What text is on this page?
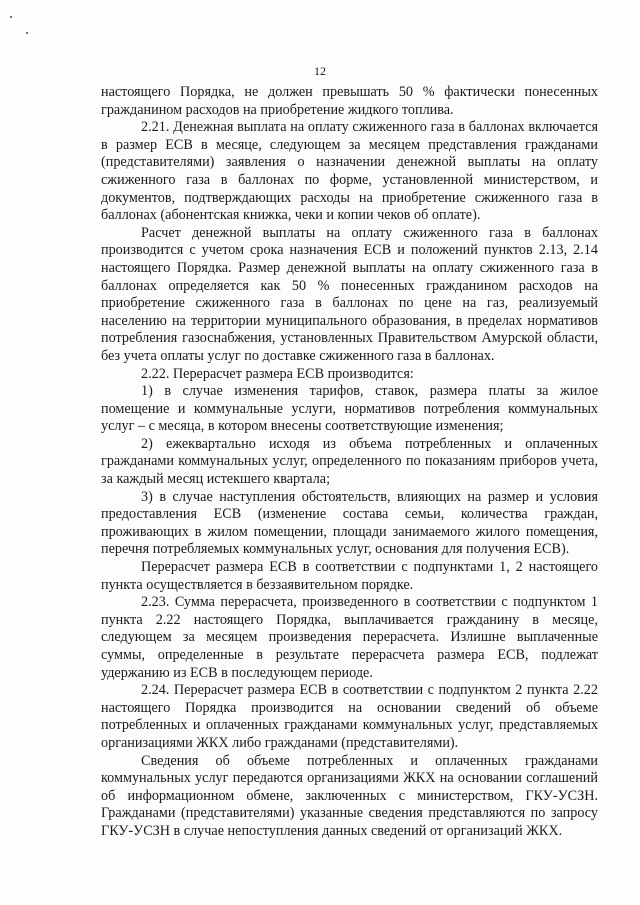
12

настоящего Порядка, не должен превышать 50 % фактически понесенных гражданином расходов на приобретение жидкого топлива.

2.21. Денежная выплата на оплату сжиженного газа в баллонах включается в размер ЕСВ в месяце, следующем за месяцем представления гражданами (представителями) заявления о назначении денежной выплаты на оплату сжиженного газа в баллонах по форме, установленной министерством, и документов, подтверждающих расходы на приобретение сжиженного газа в баллонах (абонентская книжка, чеки и копии чеков об оплате).

Расчет денежной выплаты на оплату сжиженного газа в баллонах производится с учетом срока назначения ЕСВ и положений пунктов 2.13, 2.14 настоящего Порядка. Размер денежной выплаты на оплату сжиженного газа в баллонах определяется как 50 % понесенных гражданином расходов на приобретение сжиженного газа в баллонах по цене на газ, реализуемый населению на территории муниципального образования, в пределах нормативов потребления газоснабжения, установленных Правительством Амурской области, без учета оплаты услуг по доставке сжиженного газа в баллонах.

2.22. Перерасчет размера ЕСВ производится:

1) в случае изменения тарифов, ставок, размера платы за жилое помещение и коммунальные услуги, нормативов потребления коммунальных услуг – с месяца, в котором внесены соответствующие изменения;

2) ежеквартально исходя из объема потребленных и оплаченных гражданами коммунальных услуг, определенного по показаниям приборов учета, за каждый месяц истекшего квартала;

3) в случае наступления обстоятельств, влияющих на размер и условия предоставления ЕСВ (изменение состава семьи, количества граждан, проживающих в жилом помещении, площади занимаемого жилого помещения, перечня потребляемых коммунальных услуг, основания для получения ЕСВ).

Перерасчет размера ЕСВ в соответствии с подпунктами 1, 2 настоящего пункта осуществляется в беззаявительном порядке.

2.23. Сумма перерасчета, произведенного в соответствии с подпунктом 1 пункта 2.22 настоящего Порядка, выплачивается гражданину в месяце, следующем за месяцем произведения перерасчета. Излишне выплаченные суммы, определенные в результате перерасчета размера ЕСВ, подлежат удержанию из ЕСВ в последующем периоде.

2.24. Перерасчет размера ЕСВ в соответствии с подпунктом 2 пункта 2.22 настоящего Порядка производится на основании сведений об объеме потребленных и оплаченных гражданами коммунальных услуг, представляемых организациями ЖКХ либо гражданами (представителями).

Сведения об объеме потребленных и оплаченных гражданами коммунальных услуг передаются организациями ЖКХ на основании соглашений об информационном обмене, заключенных с министерством, ГКУ-УСЗН. Гражданами (представителями) указанные сведения представляются по запросу ГКУ-УСЗН в случае непоступления данных сведений от организаций ЖКХ.
